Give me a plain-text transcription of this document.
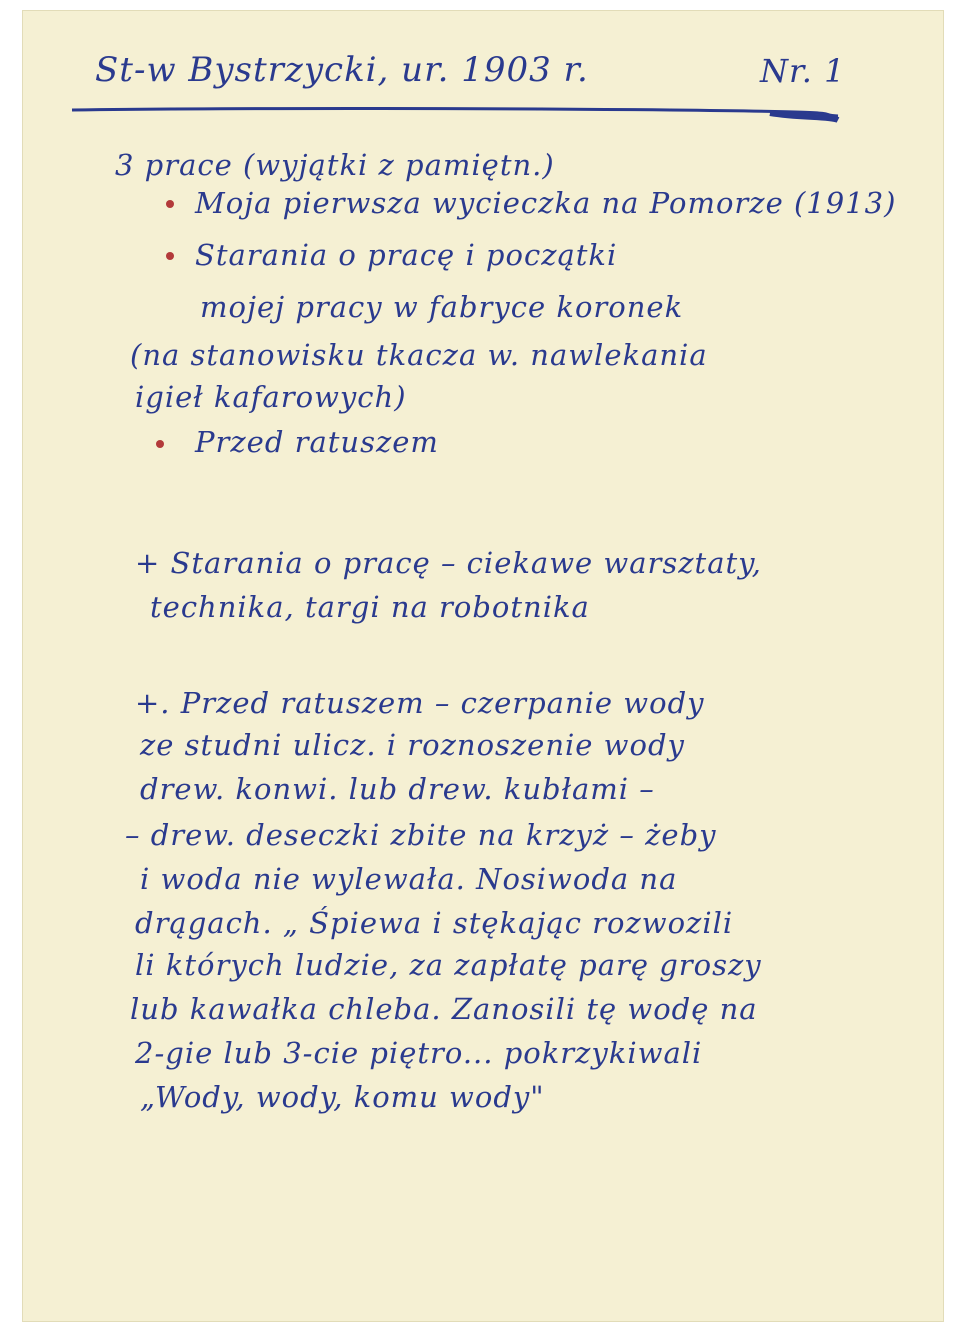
St-w Bystrzycki, ur. 1903 r.	Nr. 1
3 prace (wyjątki z pamiętn.)
Moja pierwsza wycieczka na Pomorze (1913)
Starania o pracę i początki
mojej pracy w fabryce koronek
(na stanowisku tkacza w. nawlekania
igieł kafarowych)
Przed ratuszem
+ Starania o pracę – ciekawe warsztaty,
technika, targi na robotnika
+. Przed ratuszem – czerpanie wody
ze studni ulicz. i roznoszenie wody
drew. konwi. lub drew. kubłami –
– drew. deseczki zbite na krzyż – żeby
i woda nie wylewała. Nosiwoda na
drągach. „ Śpiewa i stękając rozwozili
li których ludzie, za zapłatę parę groszy
lub kawałka chleba. Zanosili tę wodę na
2-gie lub 3-cie piętro... pokrzykiwali
„Wody, wody, komu wody"
